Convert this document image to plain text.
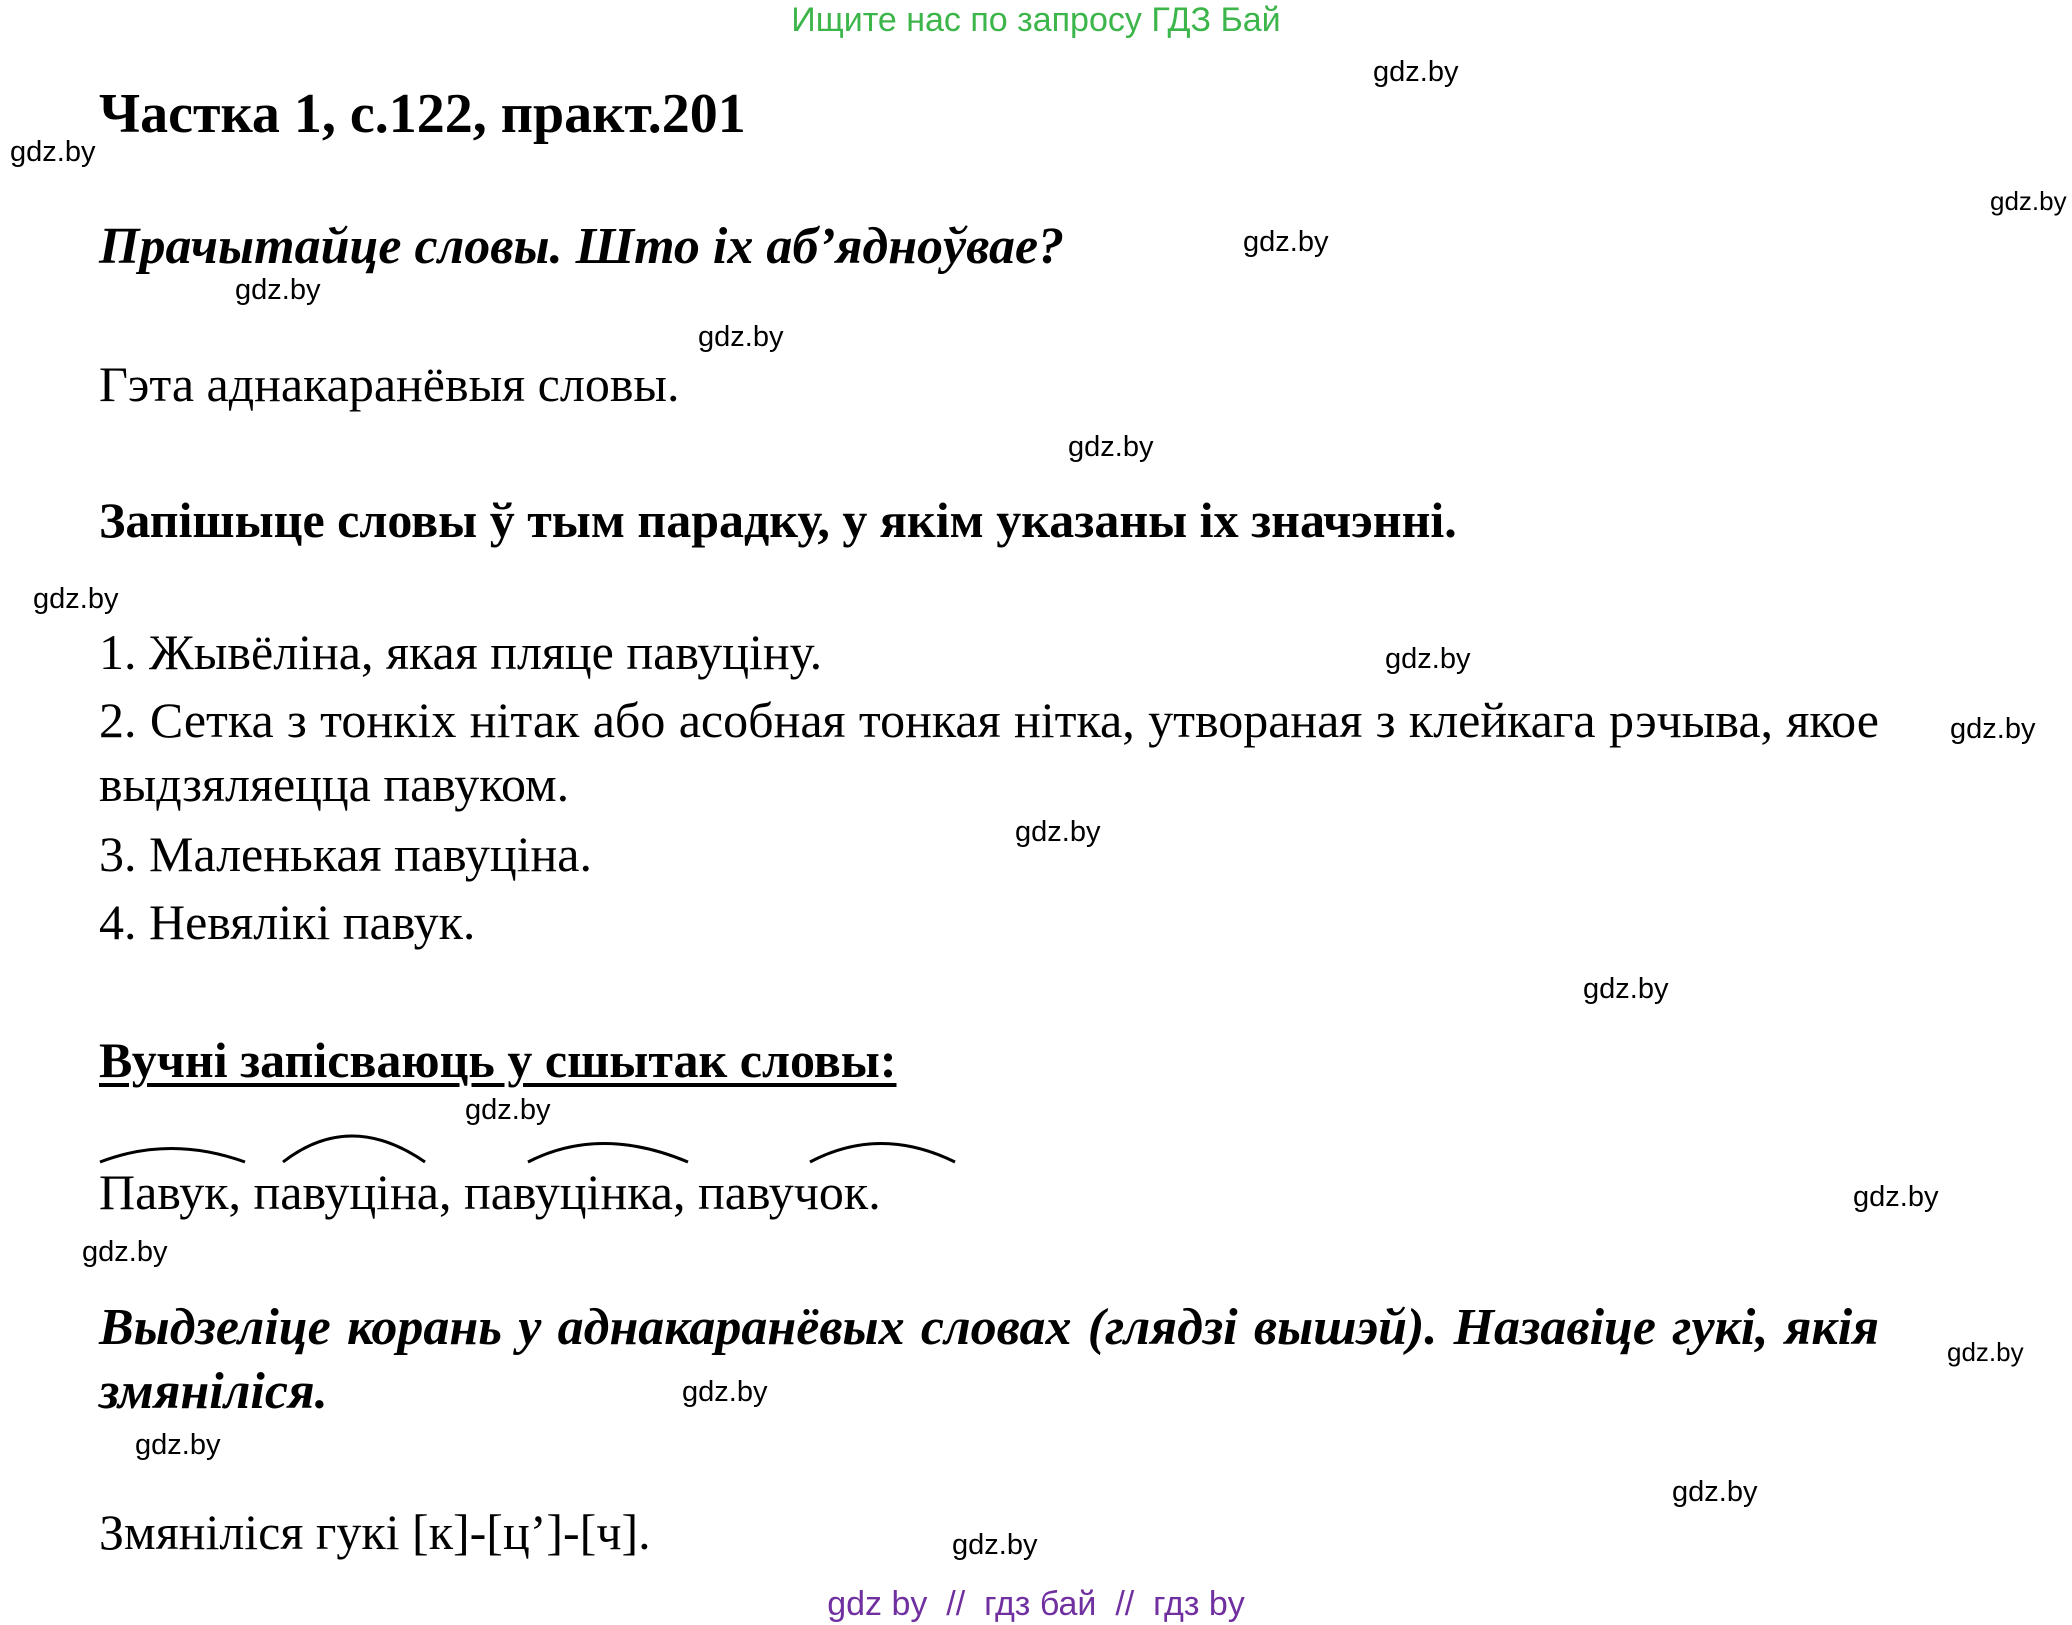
Ищите нас по запросу ГДЗ Бай
Частка 1, с.122, практ.201
Прачытайце словы. Што іх аб’ядноўвае?
Гэта аднакаранёвыя словы.
Запішыце словы ў тым парадку, у якім указаны іх значэнні.
1. Жывёліна, якая пляце павуціну.
2. Сетка з тонкіх нітак або асобная тонкая нітка, утвораная з клейкага рэчыва, якое выдзяляецца павуком.
3. Маленькая павуціна.
4. Невялікі павук.
Вучні запісваюць у сшытак словы:
Павук, павуціна, павуцінка, павучок.
Выдзеліце корань у аднакаранёвых словах (глядзі вышэй). Назавіце гукі, якія змяніліся.
Змяніліся гукі [к]-[ц’]-[ч].
gdz.by
gdz.by
gdz.by
gdz.by
gdz.by
gdz.by
gdz.by
gdz.by
gdz.by
gdz.by
gdz.by
gdz.by
gdz.by
gdz.by
gdz.by
gdz.by
gdz.by
gdz.by
gdz.by
gdz.by
gdz by  //  гдз бай  //  гдз by
